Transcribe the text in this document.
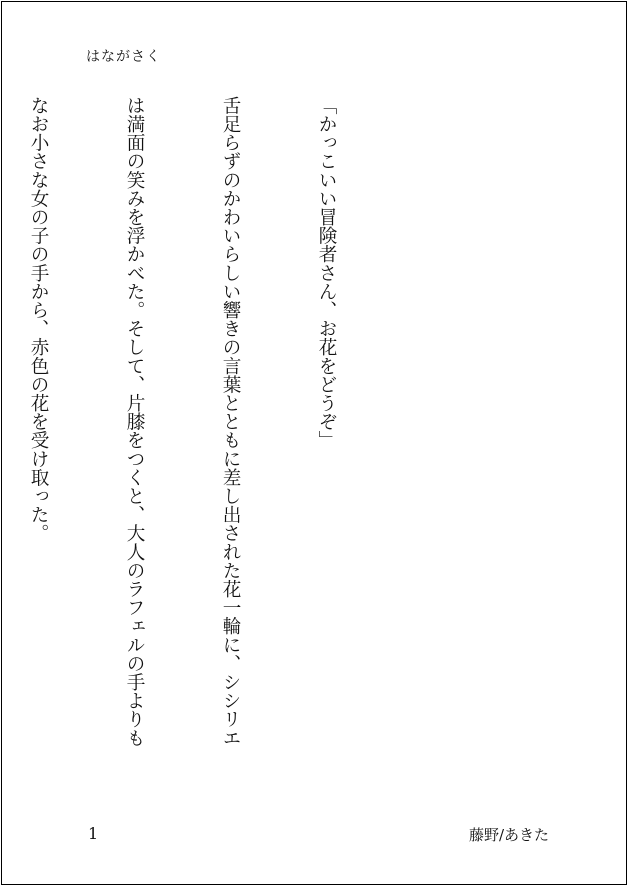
はながさく

「かっこいい冒険者さん、お花をどうぞ」

舌足らずのかわいらしい響きの言葉とともに差し出された花一輪に、シシリエ

は満面の笑みを浮かべた。そして、片膝をつくと、大人のラフェルの手よりも

なお小さな女の子の手から、赤色の花を受け取った。

1	藤野/あきた
